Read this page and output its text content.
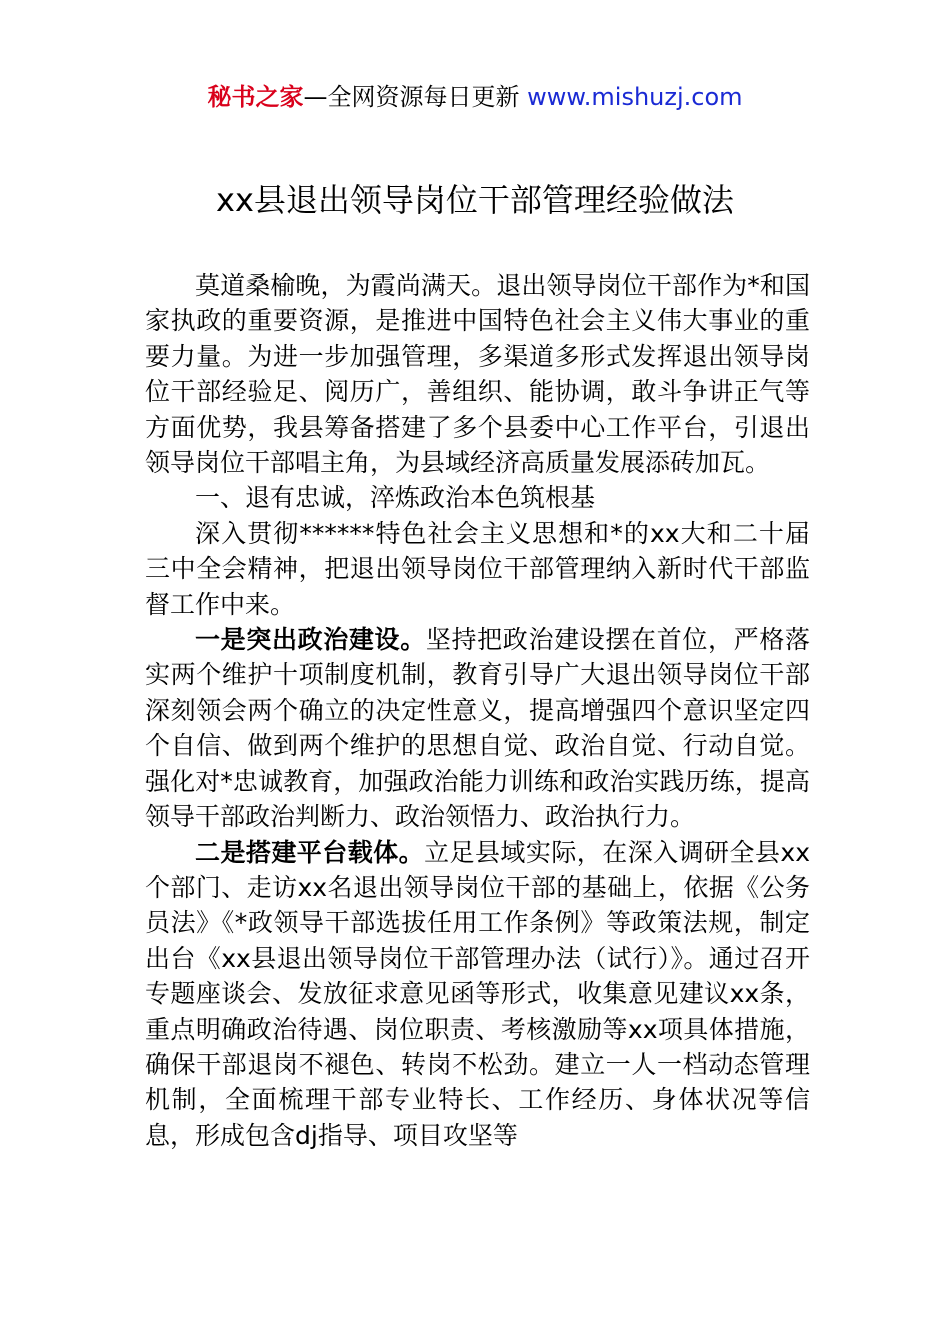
秘书之家—全网资源每日更新 www.mishuzj.com
xx县退出领导岗位干部管理经验做法

莫道桑榆晚，为霞尚满天。退出领导岗位干部作为*和国家执政的重要资源，是推进中国特色社会主义伟大事业的重要力量。为进一步加强管理，多渠道多形式发挥退出领导岗位干部经验足、阅历广，善组织、能协调，敢斗争讲正气等方面优势，我县筹备搭建了多个县委中心工作平台，引退出领导岗位干部唱主角，为县域经济高质量发展添砖加瓦。

一、退有忠诚，淬炼政治本色筑根基

深入贯彻******特色社会主义思想和*的xx大和二十届三中全会精神，把退出领导岗位干部管理纳入新时代干部监督工作中来。

一是突出政治建设。坚持把政治建设摆在首位，严格落实两个维护十项制度机制，教育引导广大退出领导岗位干部深刻领会两个确立的决定性意义，提高增强四个意识坚定四个自信、做到两个维护的思想自觉、政治自觉、行动自觉。强化对*忠诚教育，加强政治能力训练和政治实践历练，提高领导干部政治判断力、政治领悟力、政治执行力。

二是搭建平台载体。立足县域实际，在深入调研全县xx个部门、走访xx名退出领导岗位干部的基础上，依据《公务员法》《*政领导干部选拔任用工作条例》等政策法规，制定出台《xx县退出领导岗位干部管理办法（试行）》。通过召开专题座谈会、发放征求意见函等形式，收集意见建议xx条，重点明确政治待遇、岗位职责、考核激励等xx项具体措施，确保干部退岗不褪色、转岗不松劲。建立一人一档动态管理机制，全面梳理干部专业特长、工作经历、身体状况等信息，形成包含dj指导、项目攻坚等
